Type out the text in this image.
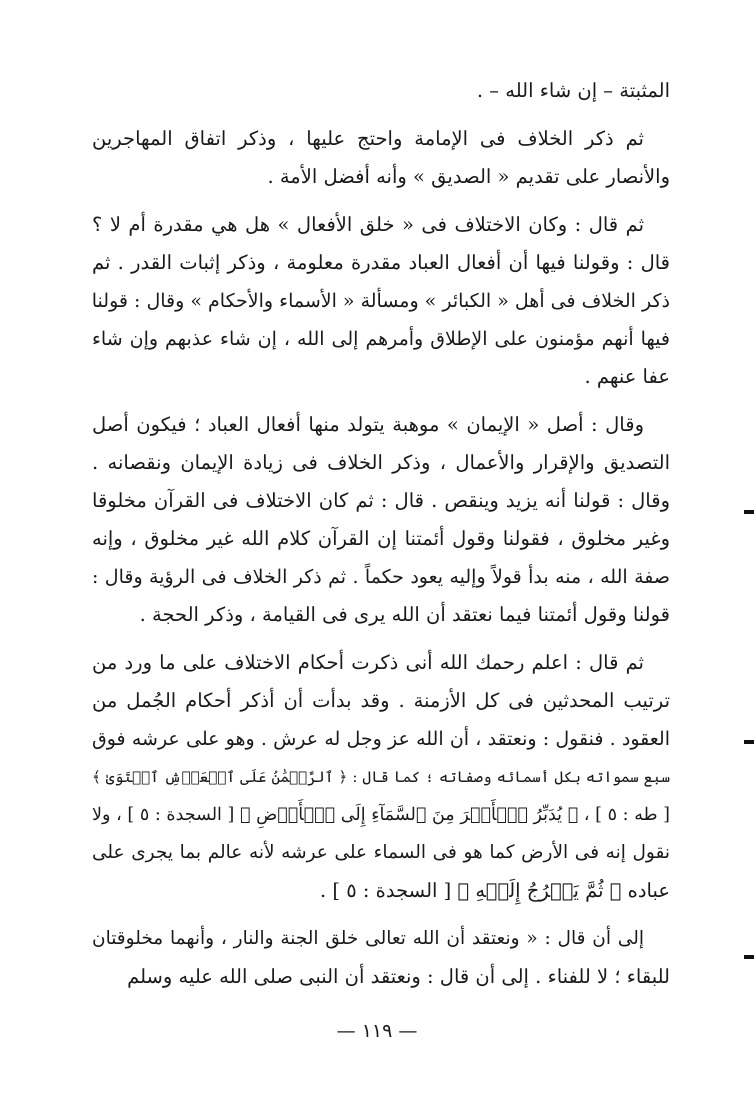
المثبتة – إن شاء الله – .
ثم ذكر الخلاف فى الإمامة واحتج عليها ، وذكر اتفاق المهاجرين
والأنصار على تقديم « الصديق » وأنه أفضل الأمة .
ثم قال : وكان الاختلاف فى « خلق الأفعال » هل هي مقدرة أم لا ؟
قال : وقولنا فيها أن أفعال العباد مقدرة معلومة ، وذكر إثبات القدر . ثم
ذكر الخلاف فى أهل « الكبائر » ومسألة « الأسماء والأحكام » وقال : قولنا
فيها أنهم مؤمنون على الإطلاق وأمرهم إلى الله ، إن شاء عذبهم وإن شاء
عفا عنهم .
وقال : أصل « الإيمان » موهبة يتولد منها أفعال العباد ؛ فيكون أصل
التصديق والإقرار والأعمال ، وذكر الخلاف فى زيادة الإيمان ونقصانه .
وقال : قولنا أنه يزيد وينقص . قال : ثم كان الاختلاف فى القرآن مخلوقا
وغير مخلوق ، فقولنا وقول أئمتنا إن القرآن كلام الله غير مخلوق ، وإنه
صفة الله ، منه بدأ قولاً وإليه يعود حكماً . ثم ذكر الخلاف فى الرؤية وقال :
قولنا وقول أئمتنا فيما نعتقد أن الله يرى فى القيامة ، وذكر الحجة .
ثم قال : اعلم رحمك الله أنى ذكرت أحكام الاختلاف على ما ورد من
ترتيب المحدثين فى كل الأزمنة . وقد بدأت أن أذكر أحكام الجُمل من
العقود . فنقول : ونعتقد ، أن الله عز وجل له عرش . وهو على عرشه فوق
سبع سمواته بكل أسمائه وصفاته ؛ كما قال : ﴿ ٱلرَّحۡمَٰنُ عَلَى ٱلۡعَرۡشِ ٱسۡتَوَىٰ ﴾
[ طه : ٥ ] ، ﴿ يُدَبِّرُ ٱلۡأَمۡرَ مِنَ ٱلسَّمَآءِ إِلَى ٱلۡأَرۡضِ ﴾ [ السجدة : ٥ ] ، ولا
نقول إنه فى الأرض كما هو فى السماء على عرشه لأنه عالم بما يجرى على
عباده ﴿ ثُمَّ يَعۡرُجُ إِلَيۡهِ ﴾ [ السجدة : ٥ ] .
إلى أن قال : « ونعتقد أن الله تعالى خلق الجنة والنار ، وأنهما مخلوقتان
للبقاء ؛ لا للفناء . إلى أن قال : ونعتقد أن النبى صلى الله عليه وسلم
— ١١٩ —
